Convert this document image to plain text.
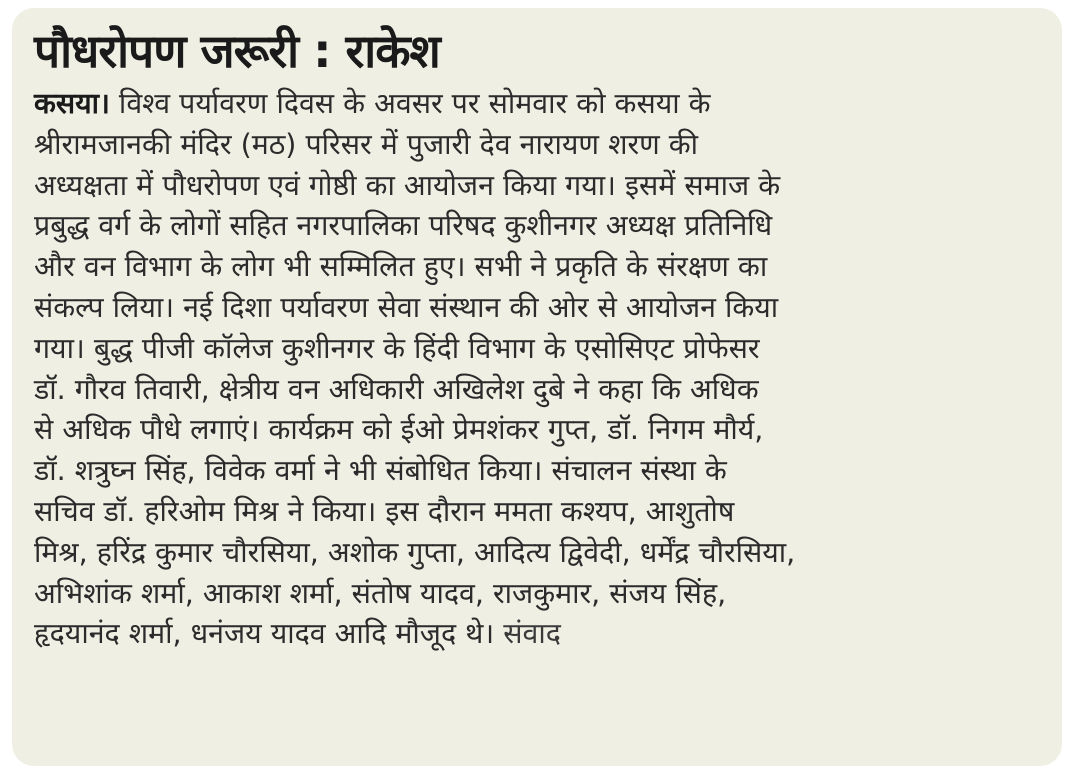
पौधरोपण जरूरी : राकेश
कसया। विश्व पर्यावरण दिवस के अवसर पर सोमवार को कसया के
श्रीरामजानकी मंदिर (मठ) परिसर में पुजारी देव नारायण शरण की
अध्यक्षता में पौधरोपण एवं गोष्ठी का आयोजन किया गया। इसमें समाज के
प्रबुद्ध वर्ग के लोगों सहित नगरपालिका परिषद कुशीनगर अध्यक्ष प्रतिनिधि
और वन विभाग के लोग भी सम्मिलित हुए। सभी ने प्रकृति के संरक्षण का
संकल्प लिया। नई दिशा पर्यावरण सेवा संस्थान की ओर से आयोजन किया
गया। बुद्ध पीजी कॉलेज कुशीनगर के हिंदी विभाग के एसोसिएट प्रोफेसर
डॉ. गौरव तिवारी, क्षेत्रीय वन अधिकारी अखिलेश दुबे ने कहा कि अधिक
से अधिक पौधे लगाएं। कार्यक्रम को ईओ प्रेमशंकर गुप्त, डॉ. निगम मौर्य,
डॉ. शत्रुघ्न सिंह, विवेक वर्मा ने भी संबोधित किया। संचालन संस्था के
सचिव डॉ. हरिओम मिश्र ने किया। इस दौरान ममता कश्यप, आशुतोष
मिश्र, हरिंद्र कुमार चौरसिया, अशोक गुप्ता, आदित्य द्विवेदी, धर्मेंद्र चौरसिया,
अभिशांक शर्मा, आकाश शर्मा, संतोष यादव, राजकुमार, संजय सिंह,
हृदयानंद शर्मा, धनंजय यादव आदि मौजूद थे। संवाद
